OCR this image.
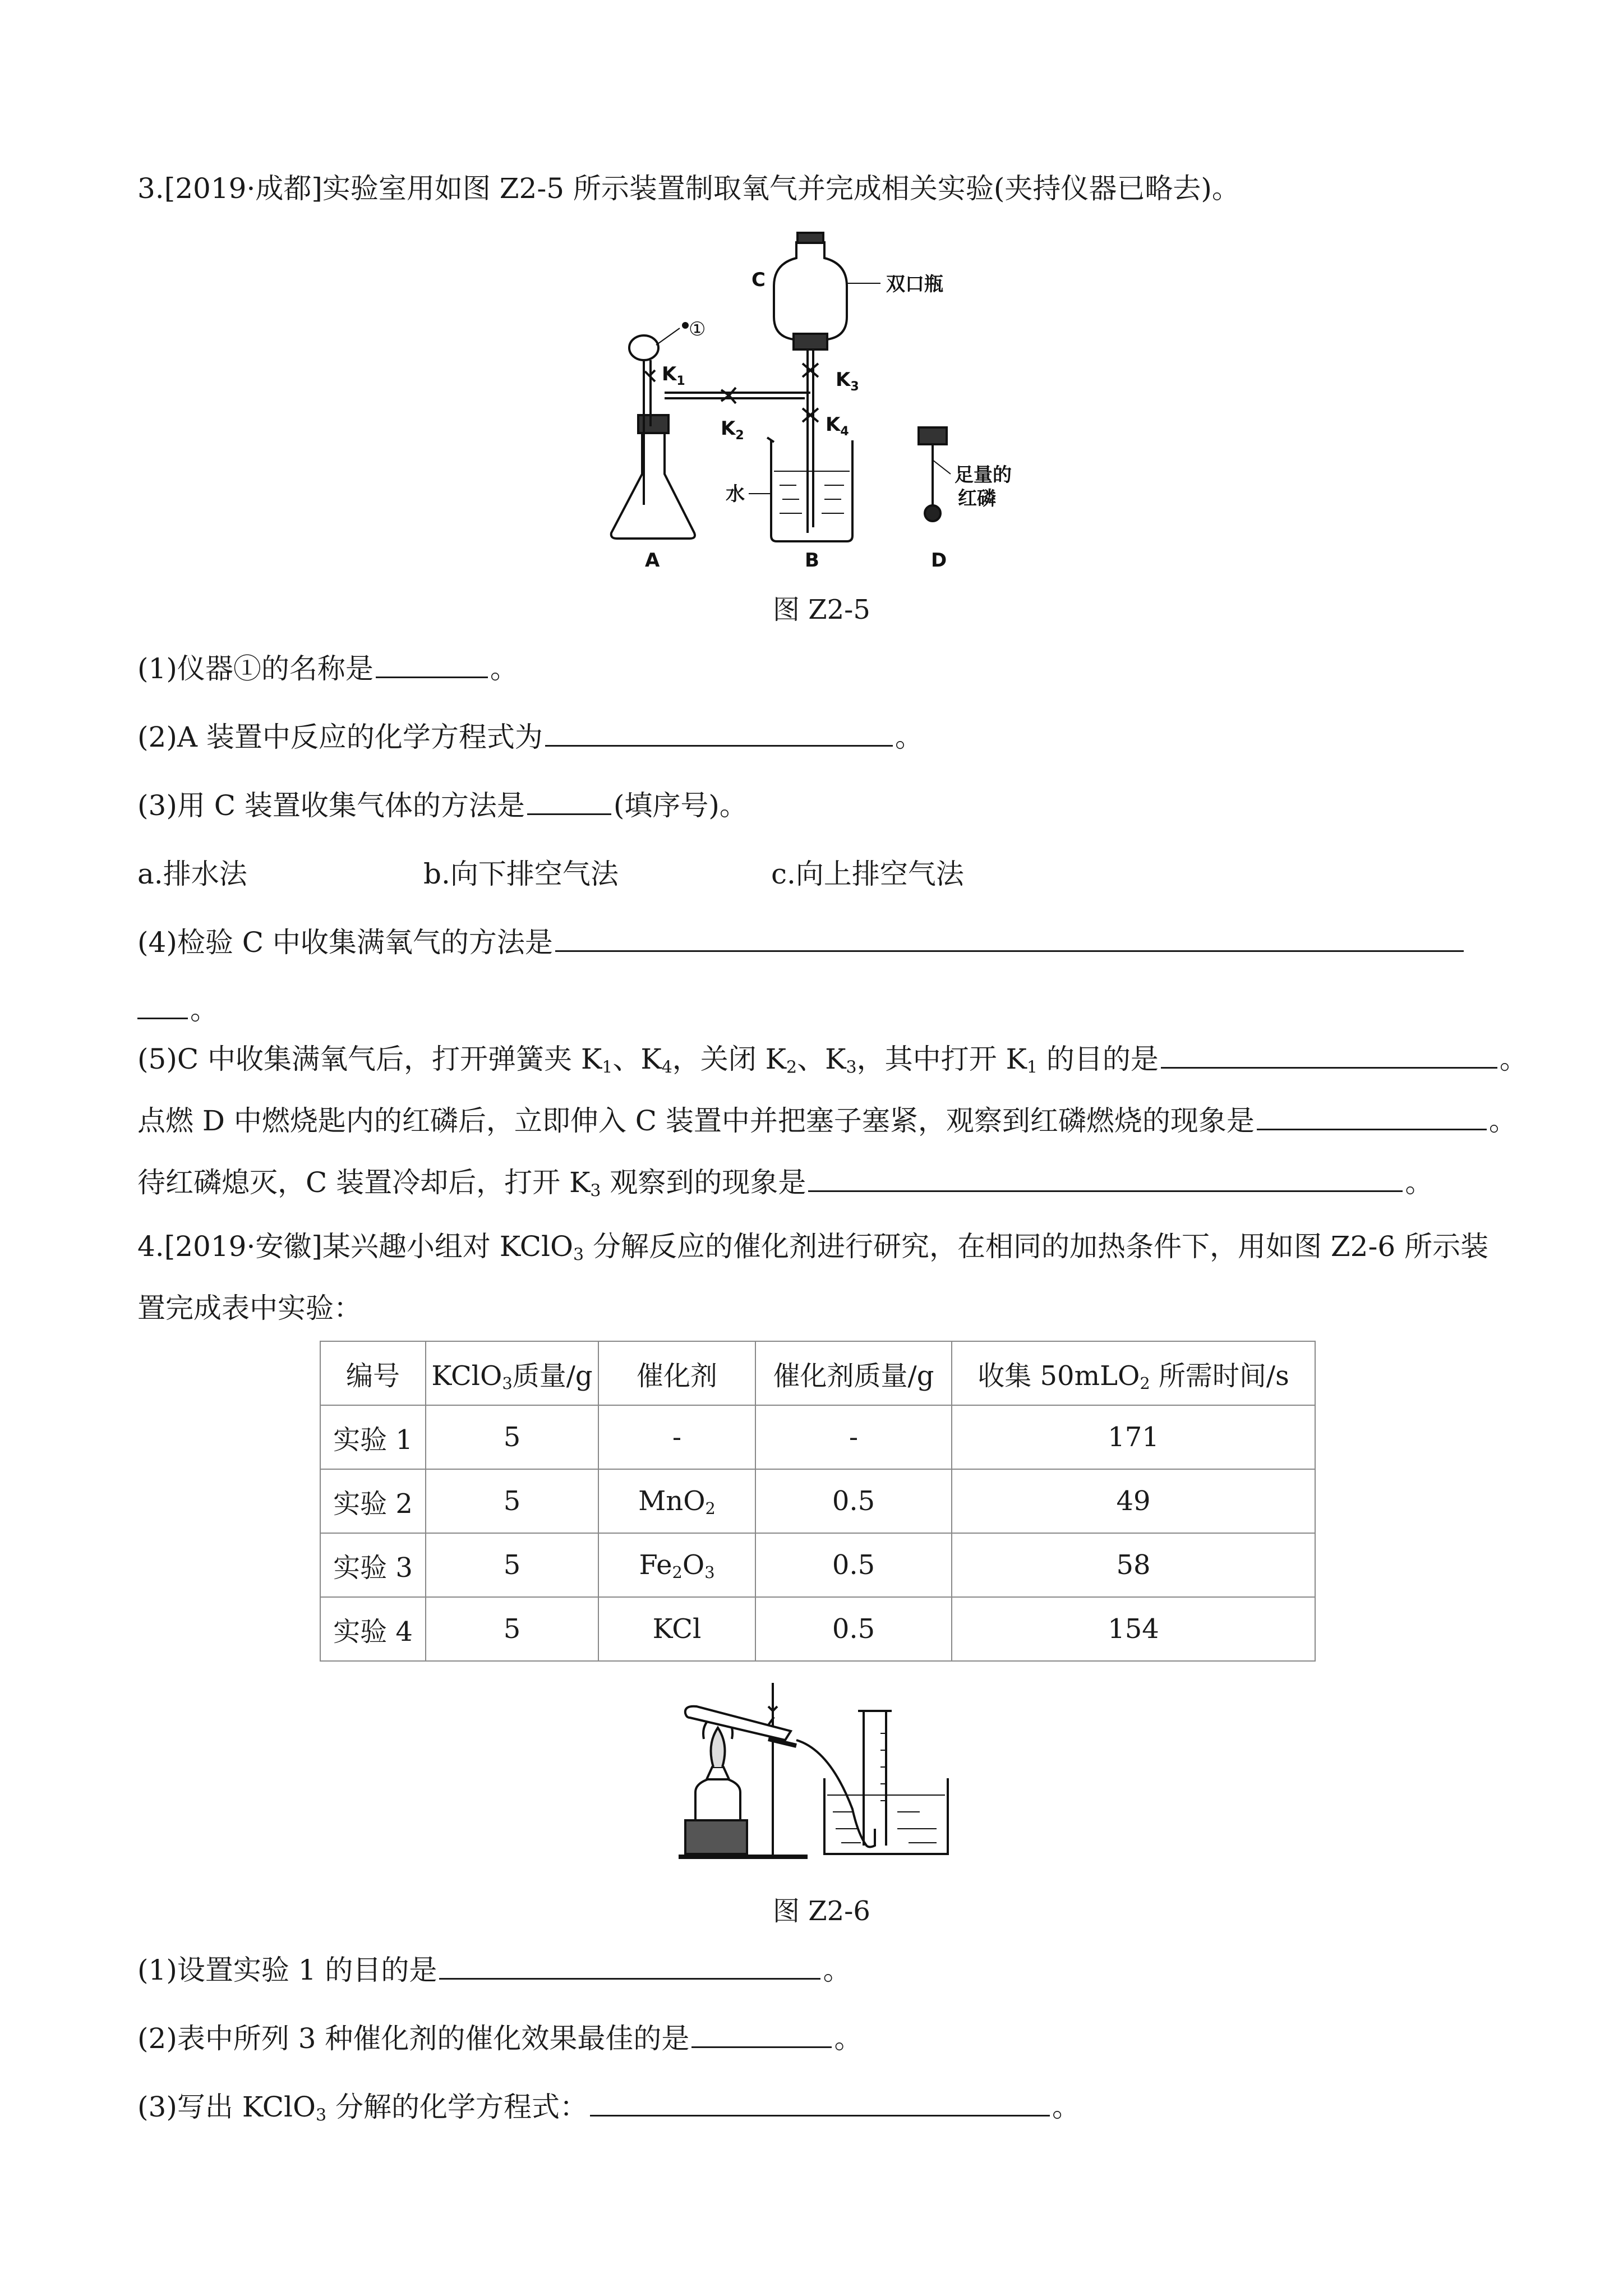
3.[2019·成都]实验室用如图 Z2-5 所示装置制取氧气并完成相关实验(夹持仪器已略去)。
①
C	双口瓶
$K_1$
$K_2$
$K_3$
$K_4$
水
足量的
红磷
A	B	D
图 Z2-5
(1)仪器①的名称是	。
(2)A 装置中反应的化学方程式为	。
(3)用 C 装置收集气体的方法是	(填序号)。
a.排水法	b.向下排空气法	c.向上排空气法
(4)检验 C 中收集满氧气的方法是
。
(5)C 中收集满氧气后，打开弹簧夹 $K_1$、$K_4$，关闭 $K_2$、$K_3$，其中打开 $K_1$ 的目的是	。
点燃 D 中燃烧匙内的红磷后，立即伸入 C 装置中并把塞子塞紧，观察到红磷燃烧的现象是	。
待红磷熄灭，C 装置冷却后，打开 $K_3$ 观察到的现象是	。
4.[2019·安徽]某兴趣小组对 KClO$_3$ 分解反应的催化剂进行研究，在相同的加热条件下，用如图 Z2-6 所示装
置完成表中实验：
编号	KClO$_3$质量/g	催化剂	催化剂质量/g	收集 50mLO$_2$ 所需时间/s
实验 1	5	-	-	171
实验 2	5	MnO$_2$	0.5	49
实验 3	5	$Fe_2O_3$	0.5	58
实验 4	5	KCl	0.5	154
图 Z2-6
(1)设置实验 1 的目的是	。
(2)表中所列 3 种催化剂的催化效果最佳的是	。
(3)写出 KClO$_3$ 分解的化学方程式：	。
